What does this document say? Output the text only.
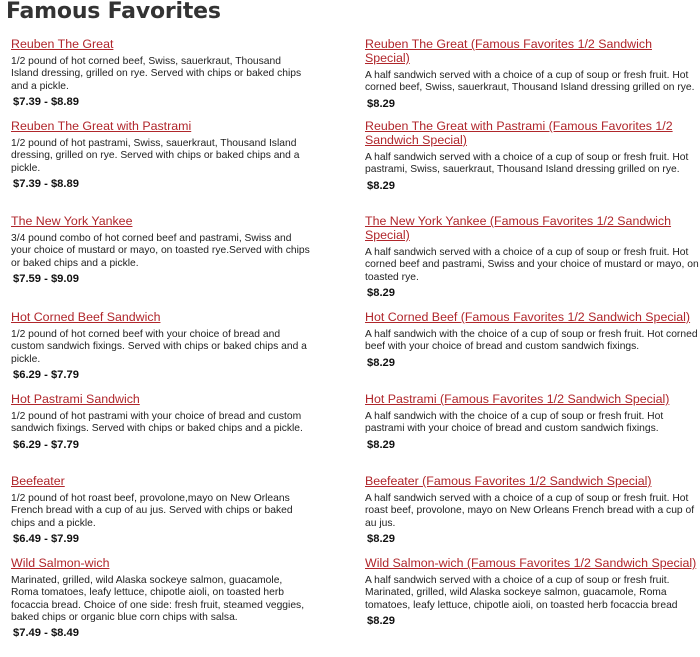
Famous Favorites
Reuben The Great
1/2 pound of hot corned beef, Swiss, sauerkraut, Thousand Island dressing, grilled on rye. Served with chips or baked chips and a pickle.
$7.39 - $8.89
Reuben The Great with Pastrami
1/2 pound of hot pastrami, Swiss, sauerkraut, Thousand Island dressing, grilled on rye. Served with chips or baked chips and a pickle.
$7.39 - $8.89
The New York Yankee
3/4 pound combo of hot corned beef and pastrami, Swiss and your choice of mustard or mayo, on toasted rye.Served with chips or baked chips and a pickle.
$7.59 - $9.09
Hot Corned Beef Sandwich
1/2 pound of hot corned beef with your choice of bread and custom sandwich fixings. Served with chips or baked chips and a pickle.
$6.29 - $7.79
Hot Pastrami Sandwich
1/2 pound of hot pastrami with your choice of bread and custom sandwich fixings. Served with chips or baked chips and a pickle.
$6.29 - $7.79
Beefeater
1/2 pound of hot roast beef, provolone,mayo on New Orleans French bread with a cup of au jus. Served with chips or baked chips and a pickle.
$6.49 - $7.99
Wild Salmon-wich
Marinated, grilled, wild Alaska sockeye salmon, guacamole, Roma tomatoes, leafy lettuce, chipotle aioli, on toasted herb focaccia bread. Choice of one side: fresh fruit, steamed veggies, baked chips or organic blue corn chips with salsa.
$7.49 - $8.49
Reuben The Great (Famous Favorites 1/2 Sandwich Special)
A half sandwich served with a choice of a cup of soup or fresh fruit. Hot corned beef, Swiss, sauerkraut, Thousand Island dressing grilled on rye.
$8.29
Reuben The Great with Pastrami (Famous Favorites 1/2 Sandwich Special)
A half sandwich served with a choice of a cup of soup or fresh fruit. Hot pastrami, Swiss, sauerkraut, Thousand Island dressing grilled on rye.
$8.29
The New York Yankee (Famous Favorites 1/2 Sandwich Special)
A half sandwich served with a choice of a cup of soup or fresh fruit. Hot corned beef and pastrami, Swiss and your choice of mustard or mayo, on toasted rye.
$8.29
Hot Corned Beef (Famous Favorites 1/2 Sandwich Special)
A half sandwich with the choice of a cup of soup or fresh fruit. Hot corned beef with your choice of bread and custom sandwich fixings.
$8.29
Hot Pastrami (Famous Favorites 1/2 Sandwich Special)
A half sandwich with the choice of a cup of soup or fresh fruit. Hot pastrami with your choice of bread and custom sandwich fixings.
$8.29
Beefeater (Famous Favorites 1/2 Sandwich Special)
A half sandwich served with a choice of a cup of soup or fresh fruit. Hot roast beef, provolone, mayo on New Orleans French bread with a cup of au jus.
$8.29
Wild Salmon-wich (Famous Favorites 1/2 Sandwich Special)
A half sandwich served with a choice of a cup of soup or fresh fruit. Marinated, grilled, wild Alaska sockeye salmon, guacamole, Roma tomatoes, leafy lettuce, chipotle aioli, on toasted herb focaccia bread
$8.29
